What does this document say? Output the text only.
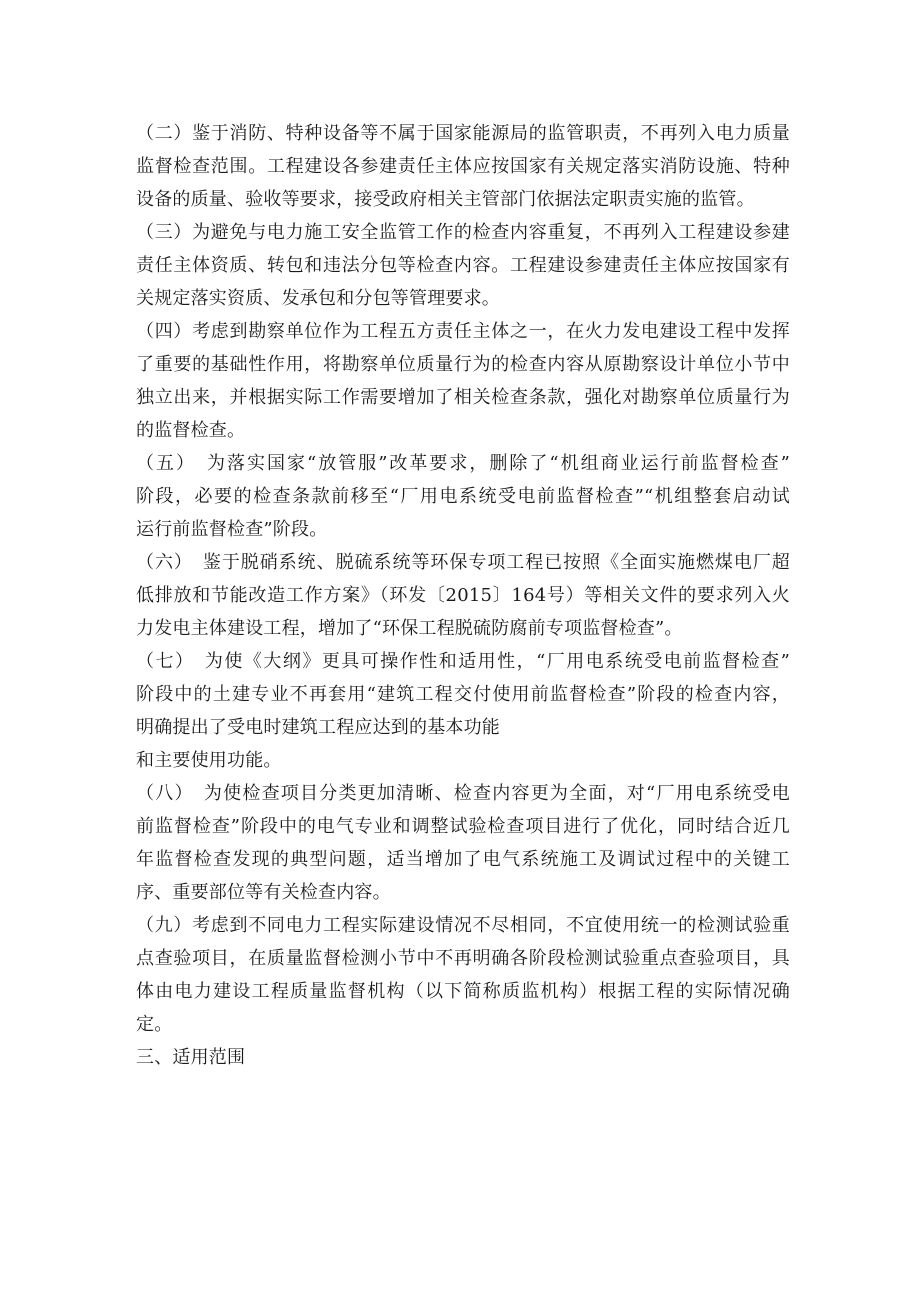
（二）鉴于消防、特种设备等不属于国家能源局的监管职责，不再列入电力质量
监督检查范围。工程建设各参建责任主体应按国家有关规定落实消防设施、特种
设备的质量、验收等要求，接受政府相关主管部门依据法定职责实施的监管。
（三）为避免与电力施工安全监管工作的检查内容重复，不再列入工程建设参建
责任主体资质、转包和违法分包等检查内容。工程建设参建责任主体应按国家有
关规定落实资质、发承包和分包等管理要求。
（四）考虑到勘察单位作为工程五方责任主体之一，在火力发电建设工程中发挥
了重要的基础性作用，将勘察单位质量行为的检查内容从原勘察设计单位小节中
独立出来，并根据实际工作需要增加了相关检查条款，强化对勘察单位质量行为
的监督检查。
（五）　为落实国家“放管服”改革要求，删除了“机组商业运行前监督检查”
阶段，必要的检查条款前移至“厂用电系统受电前监督检查”“机组整套启动试
运行前监督检查”阶段。
（六）　鉴于脱硝系统、脱硫系统等环保专项工程已按照《全面实施燃煤电厂超
低排放和节能改造工作方案》（环发〔2015〕164号）等相关文件的要求列入火
力发电主体建设工程，增加了“环保工程脱硫防腐前专项监督检查”。
（七）　为使《大纲》更具可操作性和适用性，“厂用电系统受电前监督检查”
阶段中的土建专业不再套用“建筑工程交付使用前监督检查”阶段的检查内容，
明确提出了受电时建筑工程应达到的基本功能
和主要使用功能。
（八）　为使检查项目分类更加清晰、检查内容更为全面，对“厂用电系统受电
前监督检查”阶段中的电气专业和调整试验检查项目进行了优化，同时结合近几
年监督检查发现的典型问题，适当增加了电气系统施工及调试过程中的关键工
序、重要部位等有关检查内容。
（九）考虑到不同电力工程实际建设情况不尽相同，不宜使用统一的检测试验重
点查验项目，在质量监督检测小节中不再明确各阶段检测试验重点查验项目，具
体由电力建设工程质量监督机构（以下简称质监机构）根据工程的实际情况确
定。
三、适用范围
